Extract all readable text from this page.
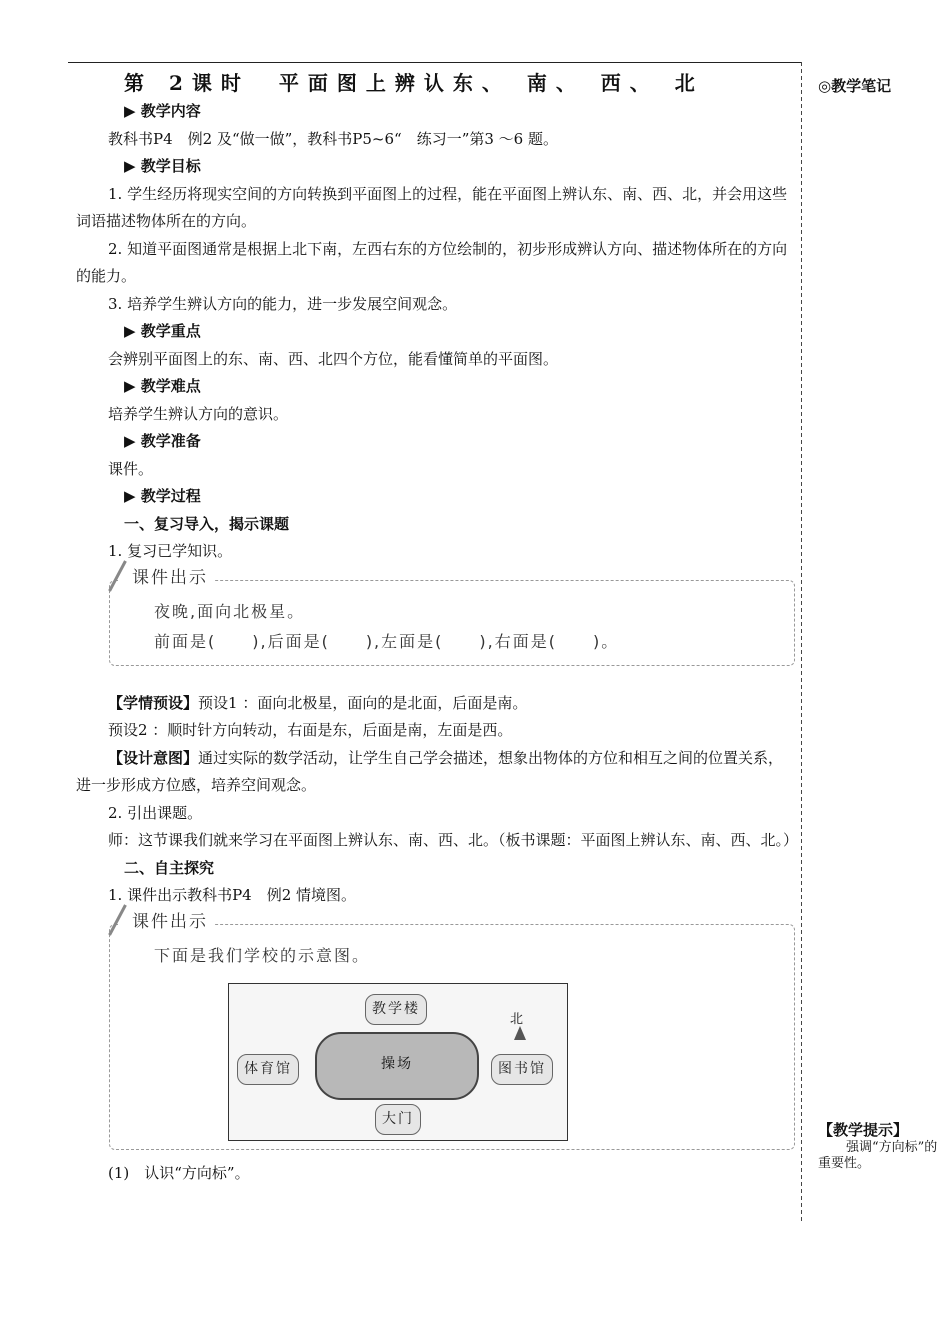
◎教学笔记
【教学提示】

强调“方向标”的重要性。
第 2课时　平面图上辨认东、 南、 西、 北
▶ 教学内容
教科书P4　例2 及“做一做”，教科书P5~6“　练习一”第3 ～6 题。
▶ 教学目标
1. 学生经历将现实空间的方向转换到平面图上的过程，能在平面图上辨认东、南、西、北，并会用这些词语描述物体所在的方向。
2. 知道平面图通常是根据上北下南，左西右东的方位绘制的，初步形成辨认方向、描述物体所在的方向的能力。
3. 培养学生辨认方向的能力，进一步发展空间观念。
▶ 教学重点
会辨别平面图上的东、南、西、北四个方位，能看懂简单的平面图。
▶ 教学难点
培养学生辨认方向的意识。
▶ 教学准备
课件。
▶ 教学过程
一、复习导入，揭示课题
1. 复习已学知识。
课件出示
夜晚,面向北极星。
前面是(　　),后面是(　　),左面是(　　),右面是(　　)。
【学情预设】预设1 ：面向北极星，面向的是北面，后面是南。
预设2 ：顺时针方向转动，右面是东，后面是南，左面是西。
【设计意图】通过实际的数学活动，让学生自己学会描述，想象出物体的方位和相互之间的位置关系，进一步形成方位感，培养空间观念。
2. 引出课题。
师：这节课我们就来学习在平面图上辨认东、南、西、北。（板书课题：平面图上辨认东、南、西、北。）
二、自主探究
1. 课件出示教科书P4　例2 情境图。
课件出示
下面是我们学校的示意图。
教学楼
体育馆	操场	图书馆
大门
北
(1)　认识“方向标”。
